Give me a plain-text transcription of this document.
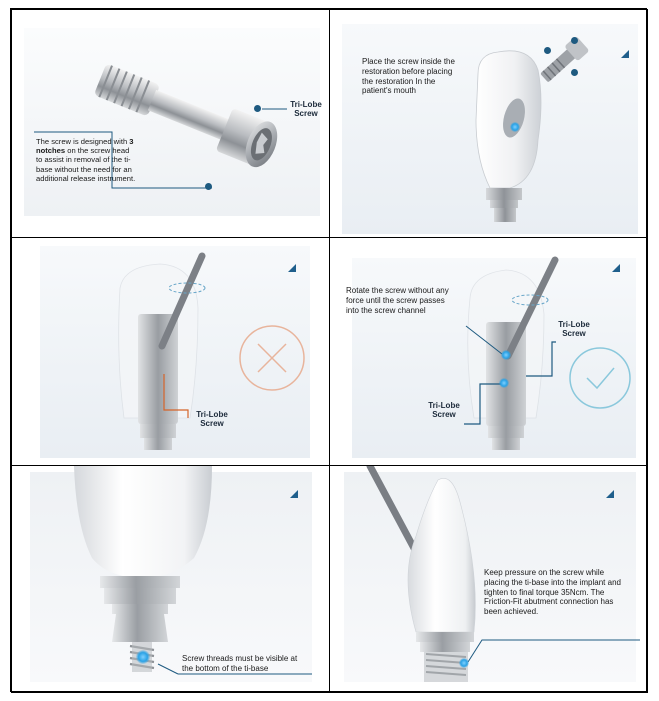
The screw is designed with 3 notches on the screw head to assist in removal of the ti-base without the need for an additional release instrument.
Tri-Lobe
Screw
Place the screw inside the restoration before placing the restoration In the patient's mouth
Tri-Lobe
Screw
Rotate the screw without any force until the screw passes into the screw channel
Tri-Lobe
Screw
Tri-Lobe
Screw
Screw threads must be visible at the bottom of the ti-base
Keep pressure on the screw while placing the ti-base into the implant and tighten to final torque 35Ncm. The Friction-Fit abutment connection has been achieved.
